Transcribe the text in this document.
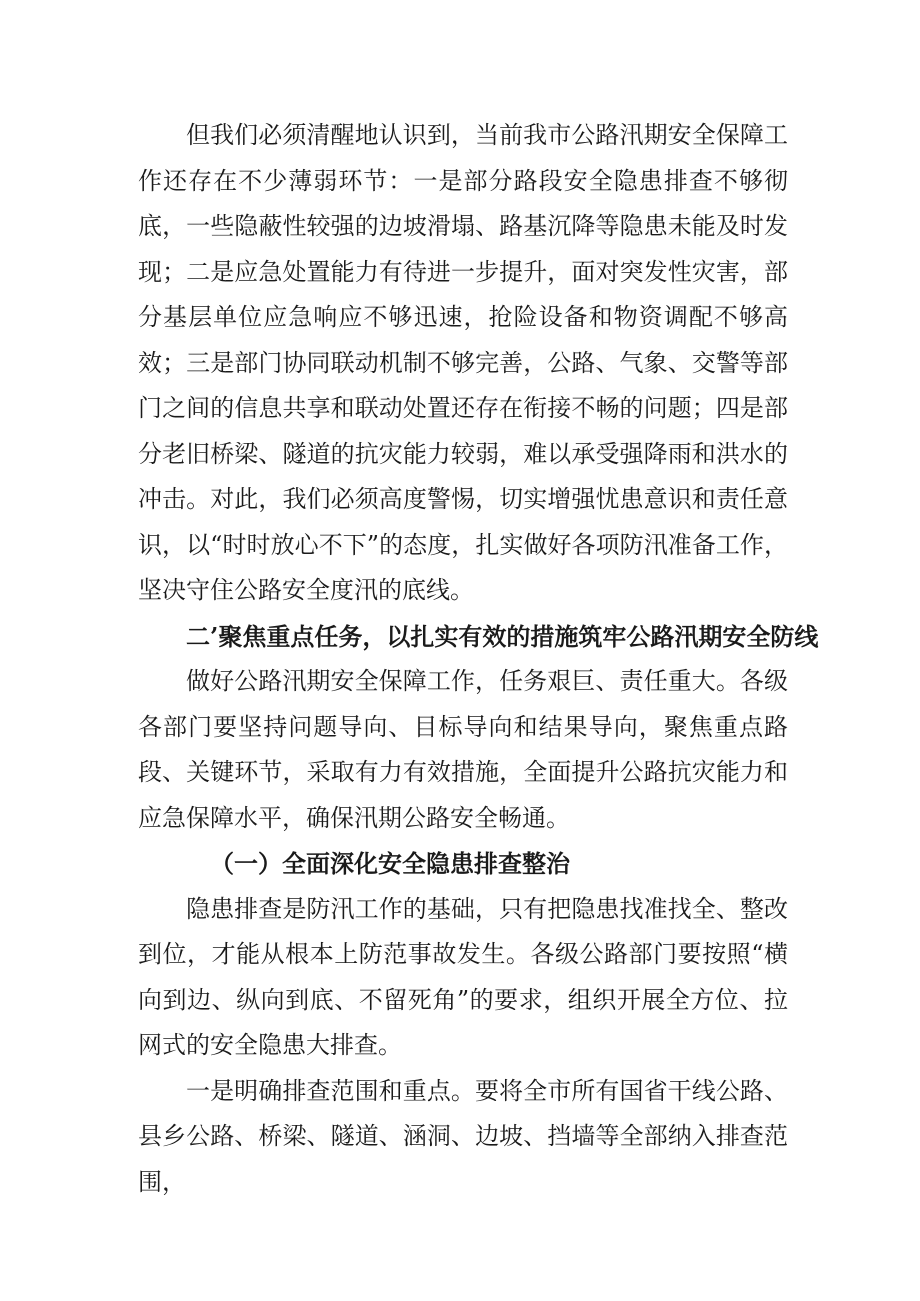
但我们必须清醒地认识到，当前我市公路汛期安全保障工作还存在不少薄弱环节：一是部分路段安全隐患排查不够彻底，一些隐蔽性较强的边坡滑塌、路基沉降等隐患未能及时发现；二是应急处置能力有待进一步提升，面对突发性灾害，部分基层单位应急响应不够迅速，抢险设备和物资调配不够高效；三是部门协同联动机制不够完善，公路、气象、交警等部门之间的信息共享和联动处置还存在衔接不畅的问题；四是部分老旧桥梁、隧道的抗灾能力较弱，难以承受强降雨和洪水的冲击。对此，我们必须高度警惕，切实增强忧患意识和责任意识，以“时时放心不下”的态度，扎实做好各项防汛准备工作，坚决守住公路安全度汛的底线。

二’聚焦重点任务，以扎实有效的措施筑牢公路汛期安全防线

做好公路汛期安全保障工作，任务艰巨、责任重大。各级各部门要坚持问题导向、目标导向和结果导向，聚焦重点路段、关键环节，采取有力有效措施，全面提升公路抗灾能力和应急保障水平，确保汛期公路安全畅通。

（一）全面深化安全隐患排查整治

隐患排查是防汛工作的基础，只有把隐患找准找全、整改到位，才能从根本上防范事故发生。各级公路部门要按照“横向到边、纵向到底、不留死角”的要求，组织开展全方位、拉网式的安全隐患大排查。

一是明确排查范围和重点。要将全市所有国省干线公路、县乡公路、桥梁、隧道、涵洞、边坡、挡墙等全部纳入排查范围，
